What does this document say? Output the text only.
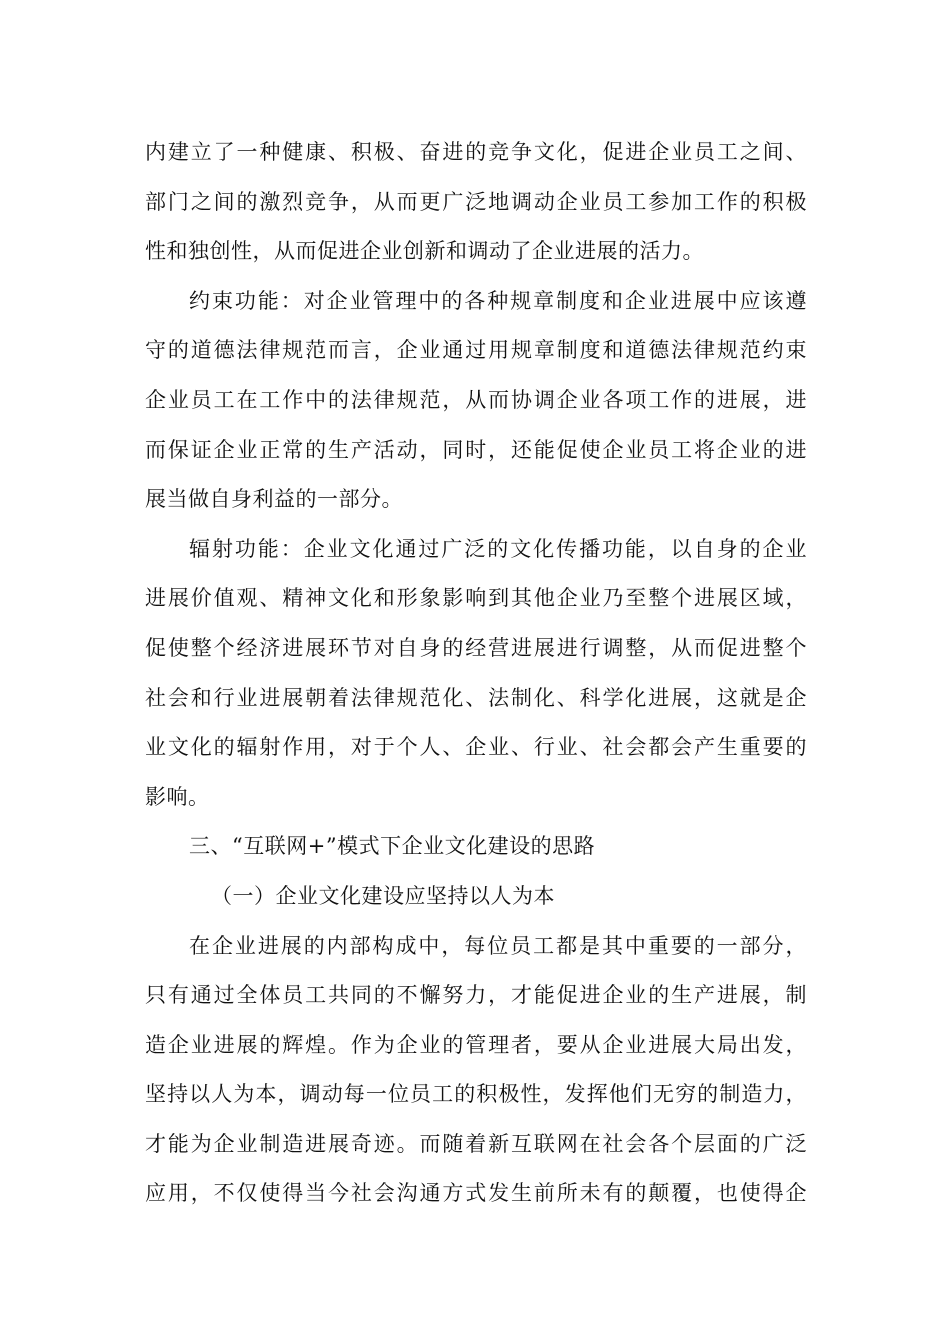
内建立了一种健康、积极、奋进的竞争文化，促进企业员工之间、
部门之间的激烈竞争，从而更广泛地调动企业员工参加工作的积极
性和独创性，从而促进企业创新和调动了企业进展的活力。
约束功能：对企业管理中的各种规章制度和企业进展中应该遵
守的道德法律规范而言，企业通过用规章制度和道德法律规范约束
企业员工在工作中的法律规范，从而协调企业各项工作的进展，进
而保证企业正常的生产活动，同时，还能促使企业员工将企业的进
展当做自身利益的一部分。
辐射功能：企业文化通过广泛的文化传播功能，以自身的企业
进展价值观、精神文化和形象影响到其他企业乃至整个进展区域，
促使整个经济进展环节对自身的经营进展进行调整，从而促进整个
社会和行业进展朝着法律规范化、法制化、科学化进展，这就是企
业文化的辐射作用，对于个人、企业、行业、社会都会产生重要的
影响。
三、“互联网+”模式下企业文化建设的思路
（一）企业文化建设应坚持以人为本
在企业进展的内部构成中，每位员工都是其中重要的一部分，
只有通过全体员工共同的不懈努力，才能促进企业的生产进展，制
造企业进展的辉煌。作为企业的管理者，要从企业进展大局出发，
坚持以人为本，调动每一位员工的积极性，发挥他们无穷的制造力，
才能为企业制造进展奇迹。而随着新互联网在社会各个层面的广泛
应用，不仅使得当今社会沟通方式发生前所未有的颠覆，也使得企
